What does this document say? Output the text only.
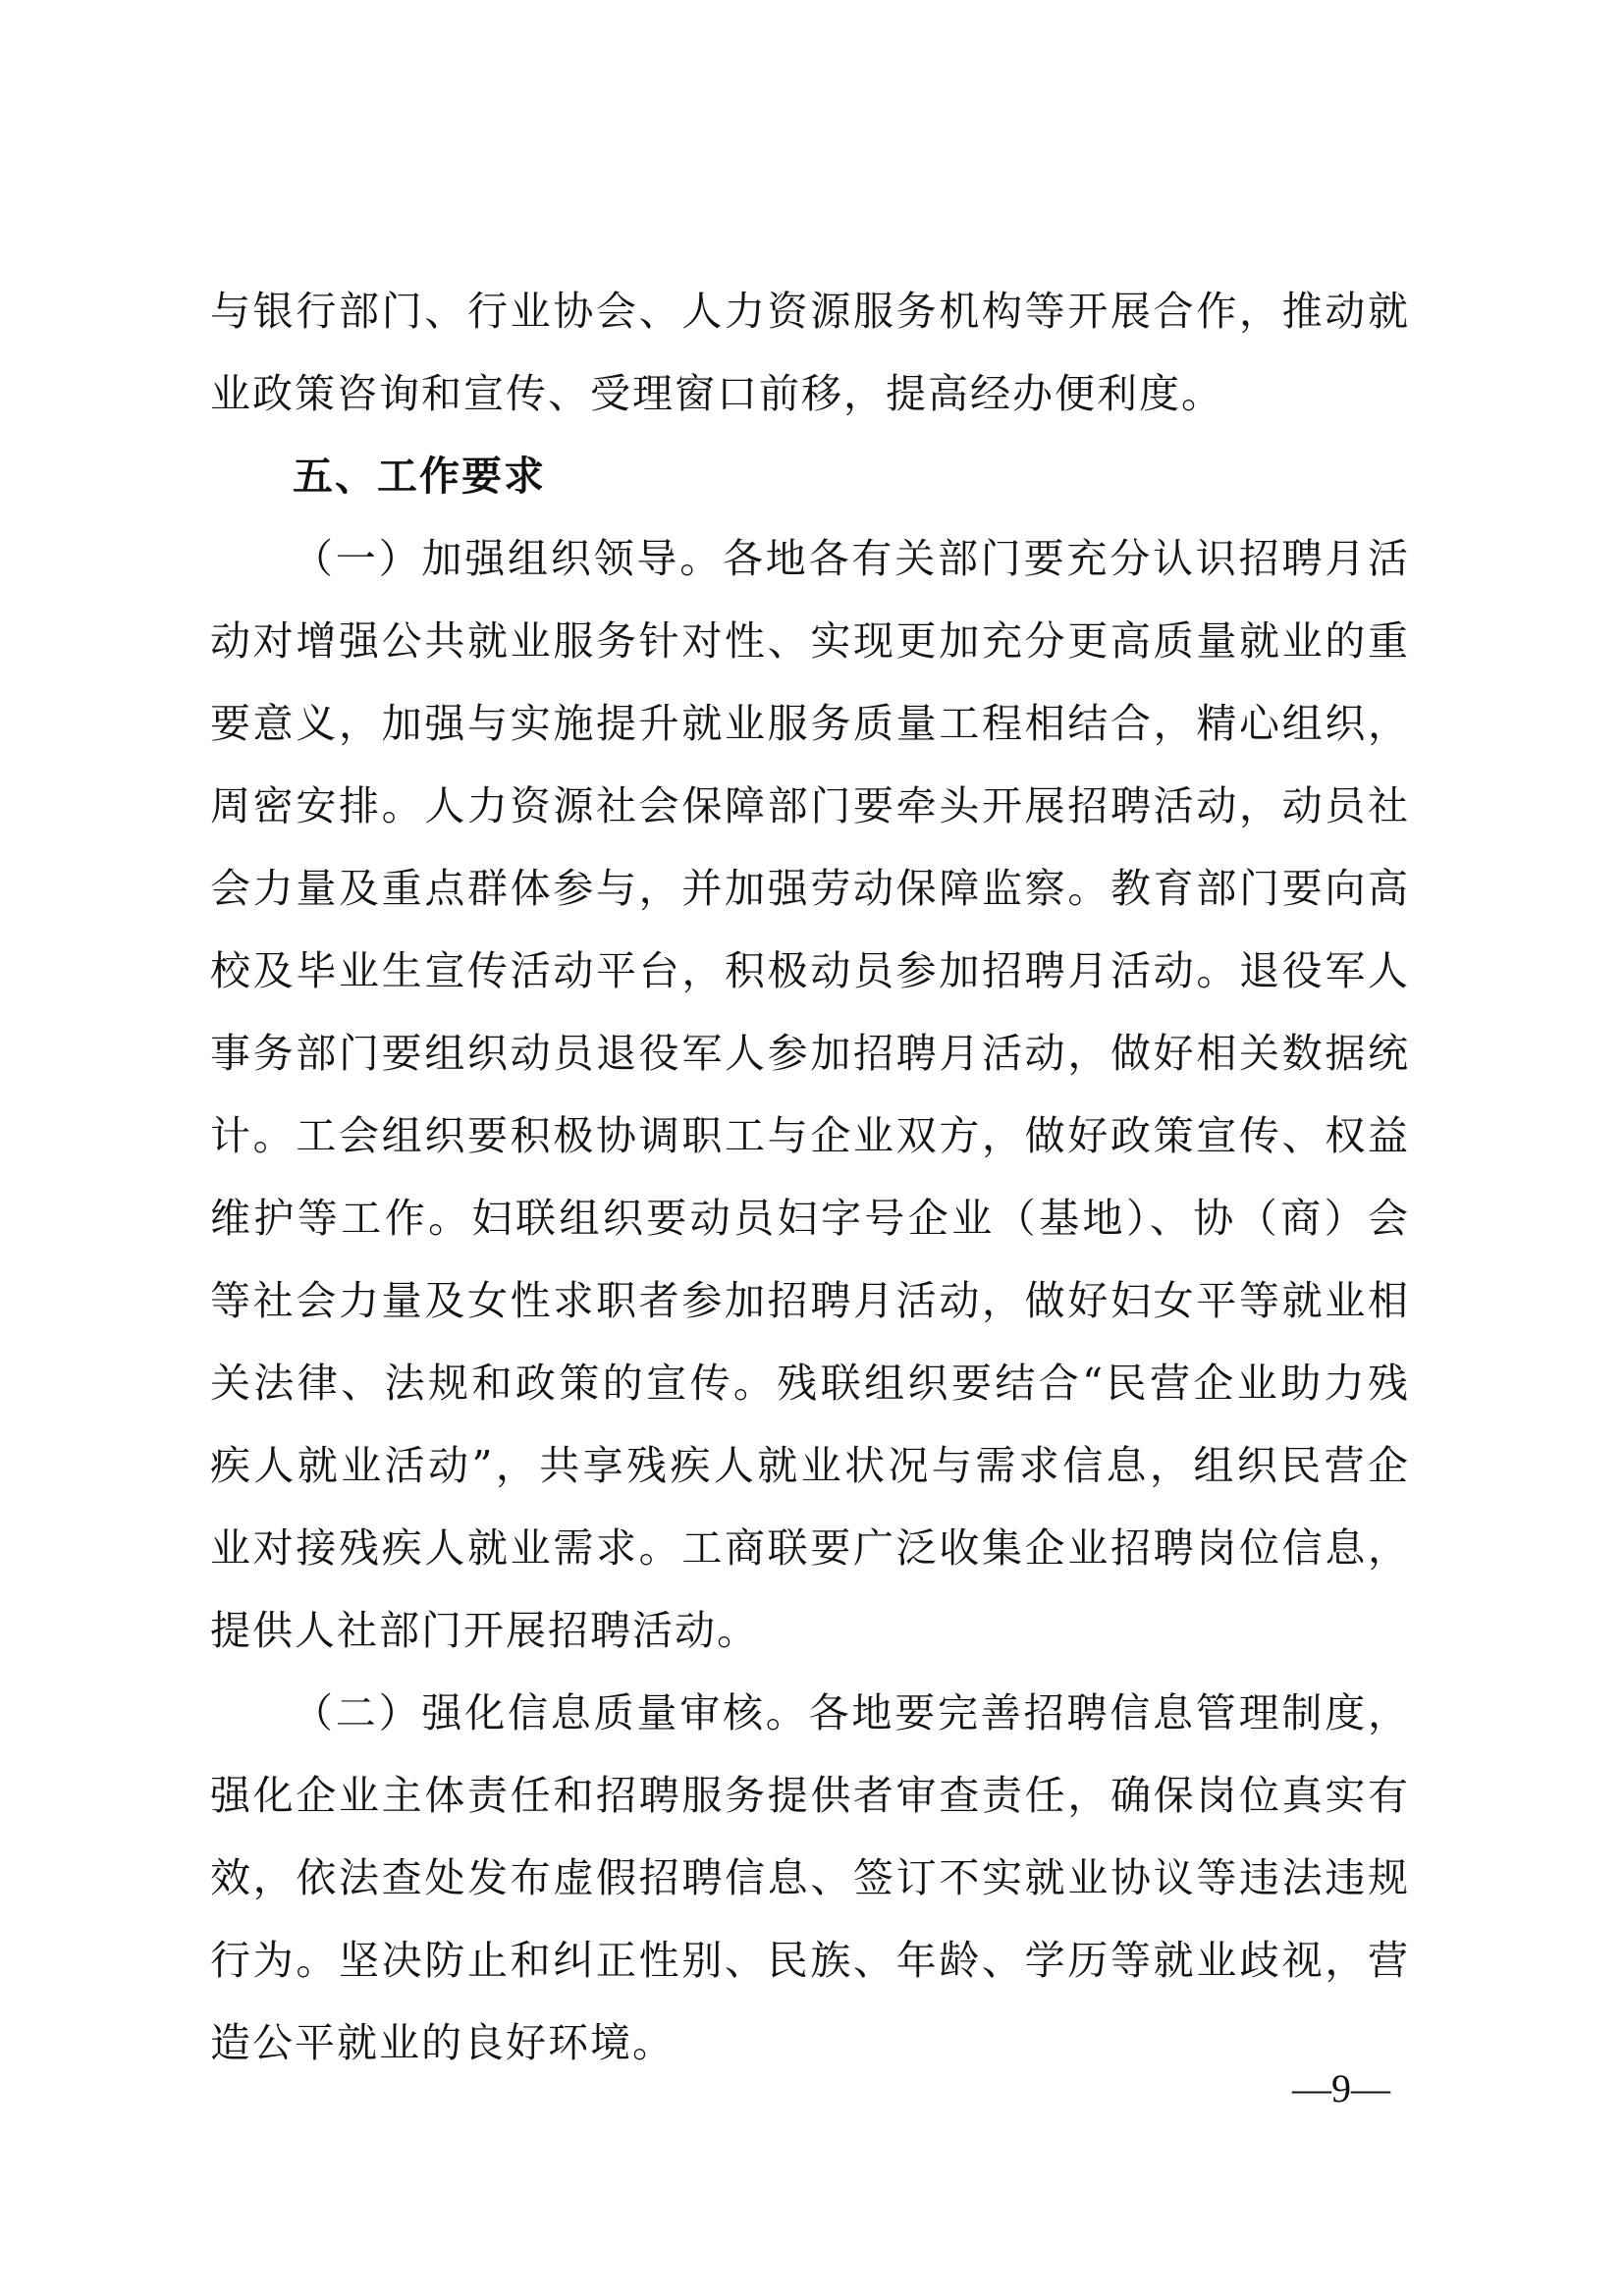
与银行部门、行业协会、人力资源服务机构等开展合作，推动就
业政策咨询和宣传、受理窗口前移，提高经办便利度。
五、工作要求
（一）加强组织领导。各地各有关部门要充分认识招聘月活
动对增强公共就业服务针对性、实现更加充分更高质量就业的重
要意义，加强与实施提升就业服务质量工程相结合，精心组织，
周密安排。人力资源社会保障部门要牵头开展招聘活动，动员社
会力量及重点群体参与，并加强劳动保障监察。教育部门要向高
校及毕业生宣传活动平台，积极动员参加招聘月活动。退役军人
事务部门要组织动员退役军人参加招聘月活动，做好相关数据统
计。工会组织要积极协调职工与企业双方，做好政策宣传、权益
维护等工作。妇联组织要动员妇字号企业（基地）、协（商）会
等社会力量及女性求职者参加招聘月活动，做好妇女平等就业相
关法律、法规和政策的宣传。残联组织要结合“民营企业助力残
疾人就业活动”，共享残疾人就业状况与需求信息，组织民营企
业对接残疾人就业需求。工商联要广泛收集企业招聘岗位信息，
提供人社部门开展招聘活动。
（二）强化信息质量审核。各地要完善招聘信息管理制度，
强化企业主体责任和招聘服务提供者审查责任，确保岗位真实有
效，依法查处发布虚假招聘信息、签订不实就业协议等违法违规
行为。坚决防止和纠正性别、民族、年龄、学历等就业歧视，营
造公平就业的良好环境。
—9—
